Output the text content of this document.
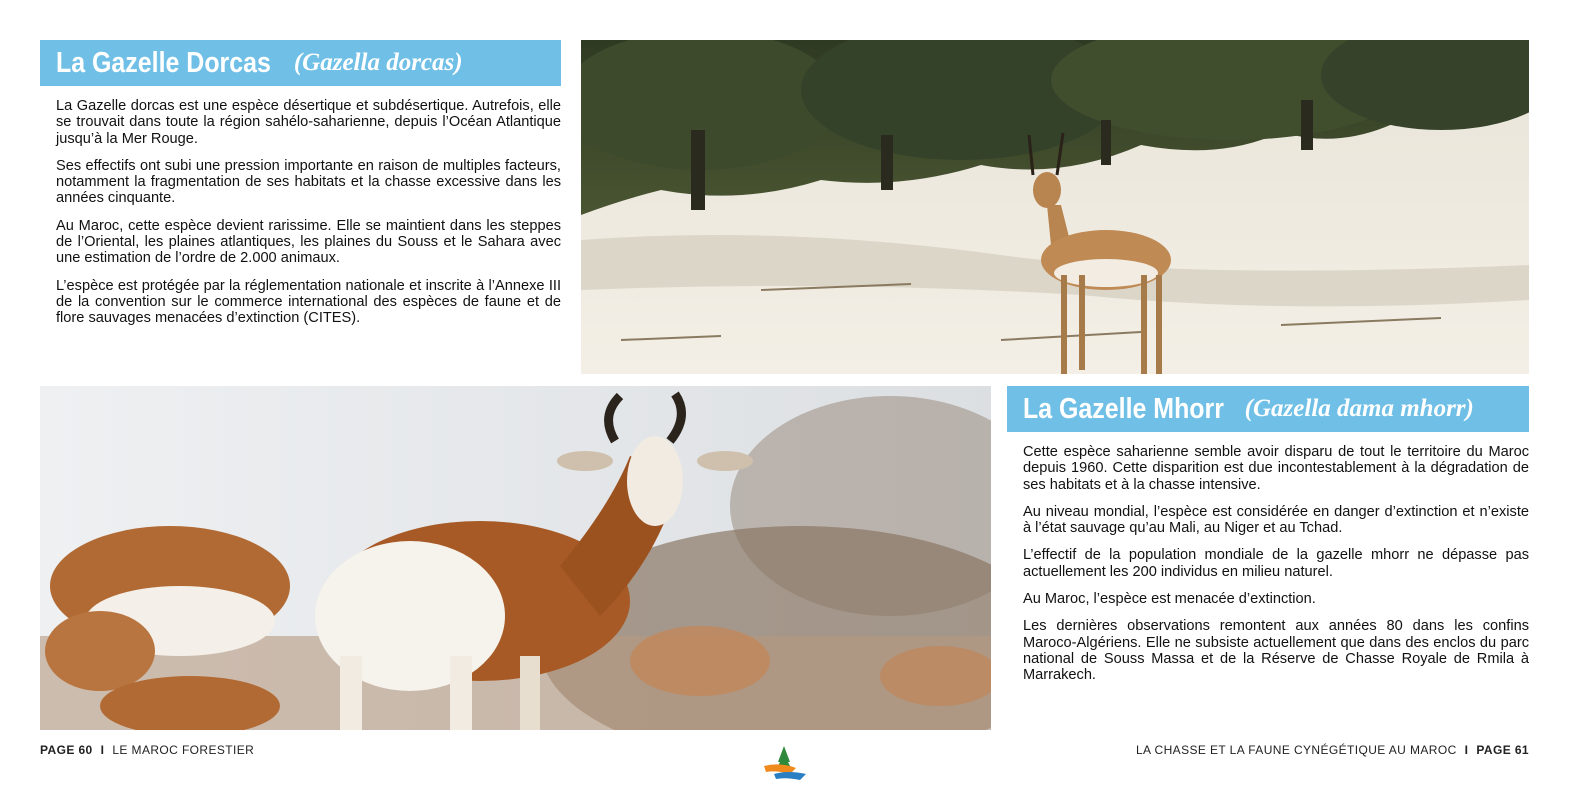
La Gazelle Dorcas (Gazella dorcas)

La Gazelle dorcas est une espèce désertique et subdésertique. Autrefois, elle se trouvait dans toute la région sahélo-saharienne, depuis l’Océan Atlantique jusqu’à la Mer Rouge.

Ses effectifs ont subi une pression importante en raison de multiples facteurs, notamment la fragmentation de ses habitats et la chasse excessive dans les années cinquante.

Au Maroc, cette espèce devient rarissime. Elle se maintient dans les steppes de l’Oriental, les plaines atlantiques, les plaines du Souss et le Sahara avec une estimation de l’ordre de 2.000 animaux.

L’espèce est protégée par la réglementation nationale et inscrite à l’Annexe III de la convention sur le commerce international des espèces de faune et de flore sauvages menacées d’extinction (CITES).

La Gazelle Mhorr (Gazella dama mhorr)

Cette espèce saharienne semble avoir disparu de tout le territoire du Maroc depuis 1960. Cette disparition est due incontestablement à la dégradation de ses habitats et à la chasse intensive.

Au niveau mondial, l’espèce est considérée en danger d’extinction et n’existe à l’état sauvage qu’au Mali, au Niger et au Tchad.

L’effectif de la population mondiale de la gazelle mhorr ne dépasse pas actuellement les 200 individus en milieu naturel.

Au Maroc, l’espèce est menacée d’extinction.

Les dernières observations remontent aux années 80 dans les confins Maroco-Algériens. Elle ne subsiste actuellement que dans des enclos du parc national de Souss Massa et de la Réserve de Chasse Royale de Rmila à Marrakech.

PAGE 60 I LE MAROC FORESTIER	LA CHASSE ET LA FAUNE CYNÉGÉTIQUE AU MAROC I PAGE 61
